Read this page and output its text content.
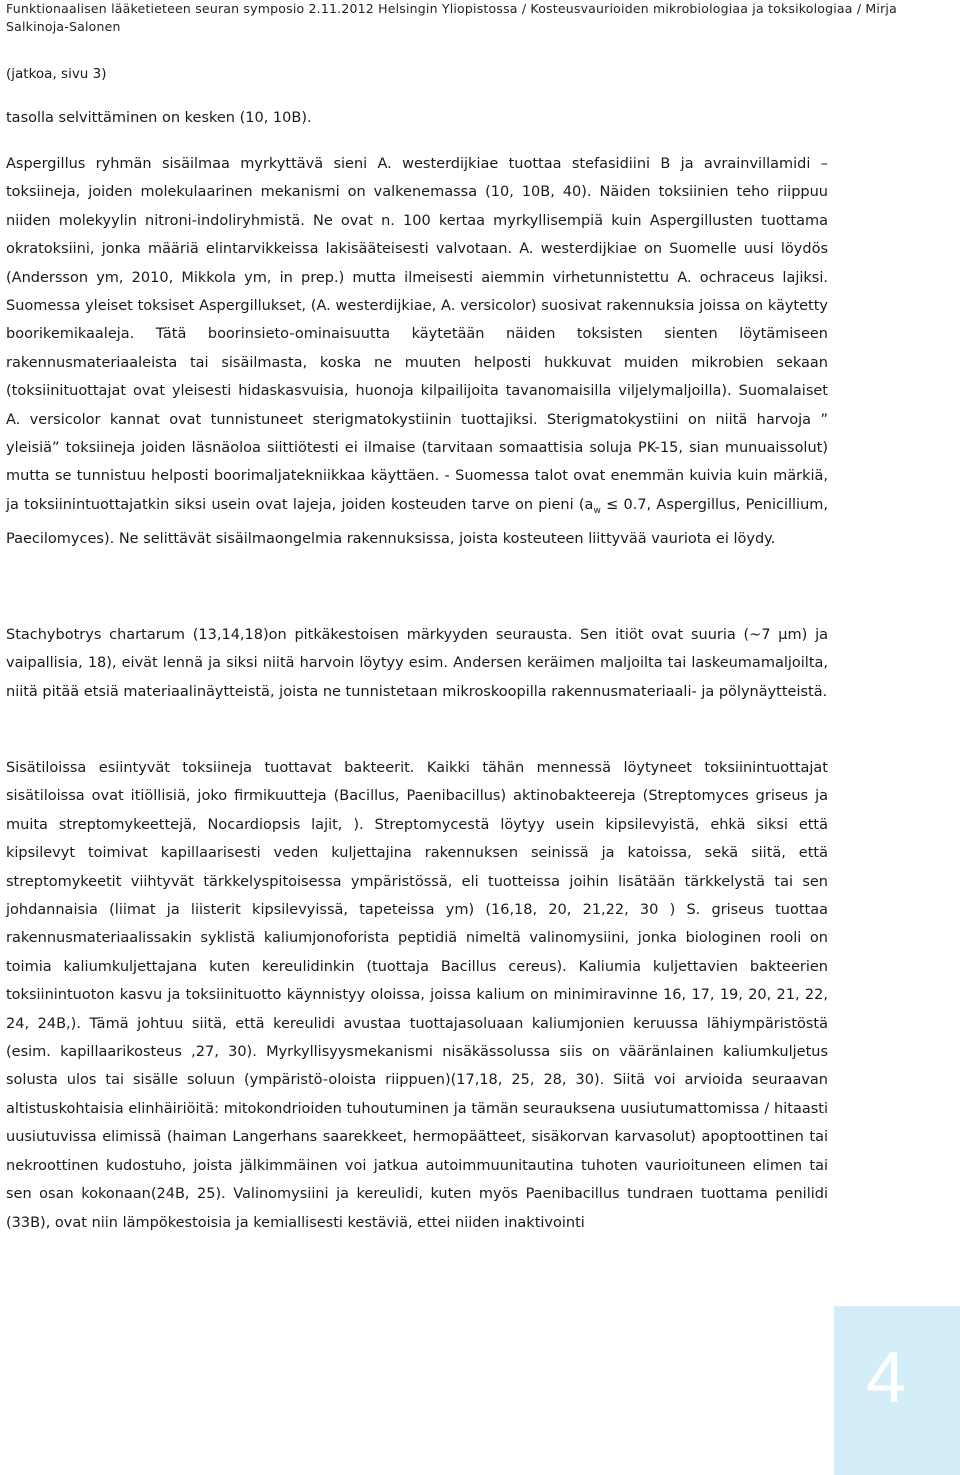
Funktionaalisen lääketieteen seuran symposio 2.11.2012 Helsingin Yliopistossa / Kosteusvaurioiden mikrobiologiaa ja toksikologiaa / Mirja Salkinoja-Salonen
(jatkoa, sivu 3)
tasolla selvittäminen on kesken (10, 10B).
Aspergillus ryhmän sisäilmaa myrkyttävä sieni A. westerdijkiae tuottaa stefasidiini B ja avrainvillamidi – toksiineja, joiden molekulaarinen mekanismi on valkenemassa (10, 10B, 40). Näiden toksiinien teho riippuu niiden molekyylin nitroni-indoliryhmistä. Ne ovat n. 100 kertaa myrkyllisempiä kuin Aspergillusten tuottama okratoksiini, jonka määriä elintarvikkeissa lakisääteisesti valvotaan. A. westerdijkiae on Suomelle uusi löydös (Andersson ym, 2010, Mikkola ym, in prep.) mutta ilmeisesti aiemmin virhetunnistettu A. ochraceus lajiksi. Suomessa yleiset toksiset Aspergillukset, (A. westerdijkiae, A. versicolor) suosivat rakennuksia joissa on käytetty boorikemikaaleja. Tätä boorinsieto-ominaisuutta käytetään näiden toksisten sienten löytämiseen rakennusmateriaaleista tai sisäilmasta, koska ne muuten helposti hukkuvat muiden mikrobien sekaan (toksiinituottajat ovat yleisesti hidaskasvuisia, huonoja kilpailijoita tavanomaisilla viljelymaljoilla). Suomalaiset A. versicolor kannat ovat tunnistuneet sterigmatokystiinin tuottajiksi. Sterigmatokystiini on niitä harvoja ” yleisiä” toksiineja joiden läsnäoloa siittiötesti ei ilmaise (tarvitaan somaattisia soluja PK-15, sian munuaissolut) mutta se tunnistuu helposti boorimaljatekniikkaa käyttäen. - Suomessa talot ovat enemmän kuivia kuin märkiä, ja toksiinintuottajatkin siksi usein ovat lajeja, joiden kosteuden tarve on pieni ($a_w \le 0.7$, Aspergillus, Penicillium, Paecilomyces). Ne selittävät sisäilmaongelmia rakennuksissa, joista kosteuteen liittyvää vauriota ei löydy.
Stachybotrys chartarum (13,14,18)on pitkäkestoisen märkyyden seurausta. Sen itiöt ovat suuria (~7 µm) ja vaipallisia, 18), eivät lennä ja siksi niitä harvoin löytyy esim. Andersen keräimen maljoilta tai laskeumamaljoilta, niitä pitää etsiä materiaalinäytteistä, joista ne tunnistetaan mikroskoopilla rakennusmateriaali- ja pölynäytteistä.
Sisätiloissa esiintyvät toksiineja tuottavat bakteerit. Kaikki tähän mennessä löytyneet toksiinintuottajat sisätiloissa ovat itiöllisiä, joko firmikuutteja (Bacillus, Paenibacillus) aktinobakteereja (Streptomyces griseus ja muita streptomykeettejä, Nocardiopsis lajit, ). Streptomycestä löytyy usein kipsilevyistä, ehkä siksi että kipsilevyt toimivat kapillaarisesti veden kuljettajina rakennuksen seinissä ja katoissa, sekä siitä, että streptomykeetit viihtyvät tärkkelyspitoisessa ympäristössä, eli tuotteissa joihin lisätään tärkkelystä tai sen johdannaisia (liimat ja liisterit kipsilevyissä, tapeteissa ym) (16,18, 20, 21,22, 30 ) S. griseus tuottaa rakennusmateriaalissakin syklistä kaliumjonoforista peptidiä nimeltä valinomysiini, jonka biologinen rooli on toimia kaliumkuljettajana kuten kereulidinkin (tuottaja Bacillus cereus). Kaliumia kuljettavien bakteerien toksiinintuoton kasvu ja toksiinituotto käynnistyy oloissa, joissa kalium on minimiravinne 16, 17, 19, 20, 21, 22, 24, 24B,). Tämä johtuu siitä, että kereulidi avustaa tuottajasoluaan kaliumjonien keruussa lähiympäristöstä (esim. kapillaarikosteus ,27, 30). Myrkyllisyysmekanismi nisäkässolussa siis on vääränlainen kaliumkuljetus solusta ulos tai sisälle soluun (ympäristö-oloista riippuen)(17,18, 25, 28, 30). Siitä voi arvioida seuraavan altistuskohtaisia elinhäiriöitä: mitokondrioiden tuhoutuminen ja tämän seurauksena uusiutumattomissa / hitaasti uusiutuvissa elimissä (haiman Langerhans saarekkeet, hermopäätteet, sisäkorvan karvasolut) apoptoottinen tai nekroottinen kudostuho, joista jälkimmäinen voi jatkua autoimmuunitautina tuhoten vaurioituneen elimen tai sen osan kokonaan(24B, 25). Valinomysiini ja kereulidi, kuten myös Paenibacillus tundraen tuottama penilidi (33B), ovat niin lämpökestoisia ja kemiallisesti kestäviä, ettei niiden inaktivointi
4
